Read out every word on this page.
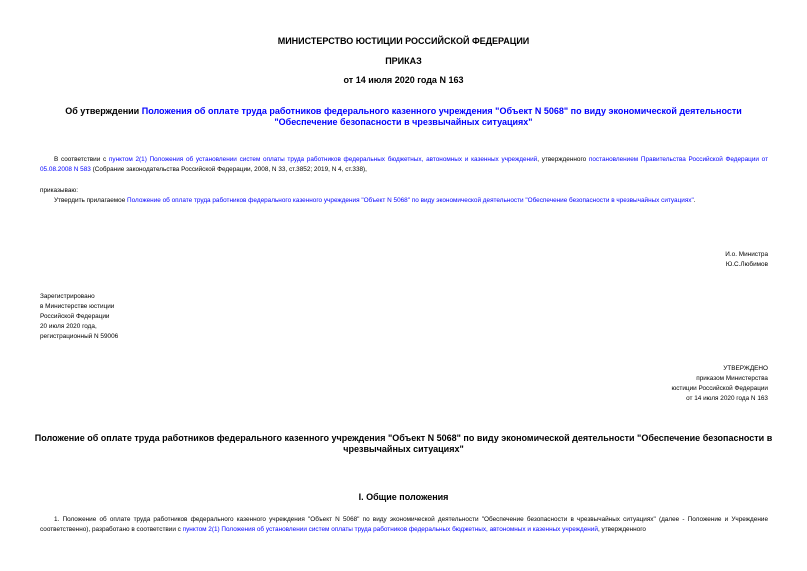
МИНИСТЕРСТВО ЮСТИЦИИ РОССИЙСКОЙ ФЕДЕРАЦИИ
ПРИКАЗ
от 14 июля 2020 года N 163
Об утверждении Положения об оплате труда работников федерального казенного учреждения "Объект N 5068" по виду экономической деятельности
"Обеспечение безопасности в чрезвычайных ситуациях"
В соответствии с пунктом 2(1) Положения об установлении систем оплаты труда работников федеральных бюджетных, автономных и казенных учреждений, утвержденного постановлением Правительства Российской Федерации от 05.08.2008 N 583 (Собрание законодательства Российской Федерации, 2008, N 33, ст.3852; 2019, N 4, ст.338),
приказываю:
Утвердить прилагаемое Положение об оплате труда работников федерального казенного учреждения "Объект N 5068" по виду экономической деятельности "Обеспечение безопасности в чрезвычайных ситуациях".
И.о. Министра
Ю.С.Любимов
Зарегистрировано
в Министерстве юстиции
Российской Федерации
20 июля 2020 года,
регистрационный N 59006
УТВЕРЖДЕНО
приказом Министерства
юстиции Российской Федерации
от 14 июля 2020 года N 163
Положение об оплате труда работников федерального казенного учреждения "Объект N 5068" по виду экономической деятельности "Обеспечение безопасности в
чрезвычайных ситуациях"
I. Общие положения
1. Положение об оплате труда работников федерального казенного учреждения "Объект N 5068" по виду экономической деятельности "Обеспечение безопасности в чрезвычайных ситуациях" (далее - Положение и Учреждение соответственно), разработано в соответствии с пунктом 2(1) Положения об установлении систем оплаты труда работников федеральных бюджетных, автономных и казенных учреждений, утвержденного
